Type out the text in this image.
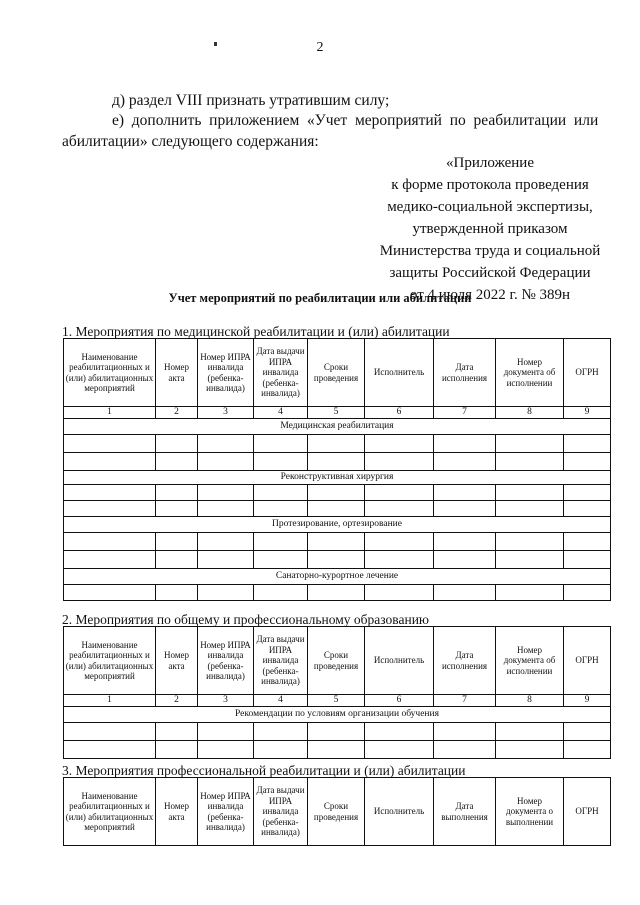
2
д) раздел VIII признать утратившим силу;
е)  дополнить  приложением  «Учет  мероприятий  по  реабилитации  или
абилитации» следующего содержания:
«Приложение
к форме протокола проведения
медико-социальной экспертизы,
утвержденной приказом
Министерства труда и социальной
защиты Российской Федерации
от 4 июля 2022 г. № 389н
Учет мероприятий по реабилитации или абилитации
1. Мероприятия по медицинской реабилитации и (или) абилитации
Наименование реабилитационных и (или) абилитационных мероприятий	Номер акта	Номер ИПРА инвалида (ребенка-инвалида)	Дата выдачи ИПРА инвалида (ребенка-инвалида)	Сроки проведения	Исполнитель	Дата исполнения	Номер документа об исполнении	ОГРН
1	2	3	4	5	6	7	8	9
Медицинская реабилитация								

Реконструктивная хирургия								

Протезирование, ортезирование								

Санаторно-курортное лечение								

2. Мероприятия по общему и профессиональному образованию
Наименование реабилитационных и (или) абилитационных мероприятий	Номер акта	Номер ИПРА инвалида (ребенка-инвалида)	Дата выдачи ИПРА инвалида (ребенка-инвалида)	Сроки проведения	Исполнитель	Дата исполнения	Номер документа об исполнении	ОГРН
1	2	3	4	5	6	7	8	9
Рекомендации по условиям организации обучения								

3. Мероприятия профессиональной реабилитации и (или) абилитации
Наименование реабилитационных и (или) абилитационных мероприятий	Номер акта	Номер ИПРА инвалида (ребенка-инвалида)	Дата выдачи ИПРА инвалида (ребенка-инвалида)	Сроки проведения	Исполнитель	Дата выполнения	Номер документа о выполнении	ОГРН
